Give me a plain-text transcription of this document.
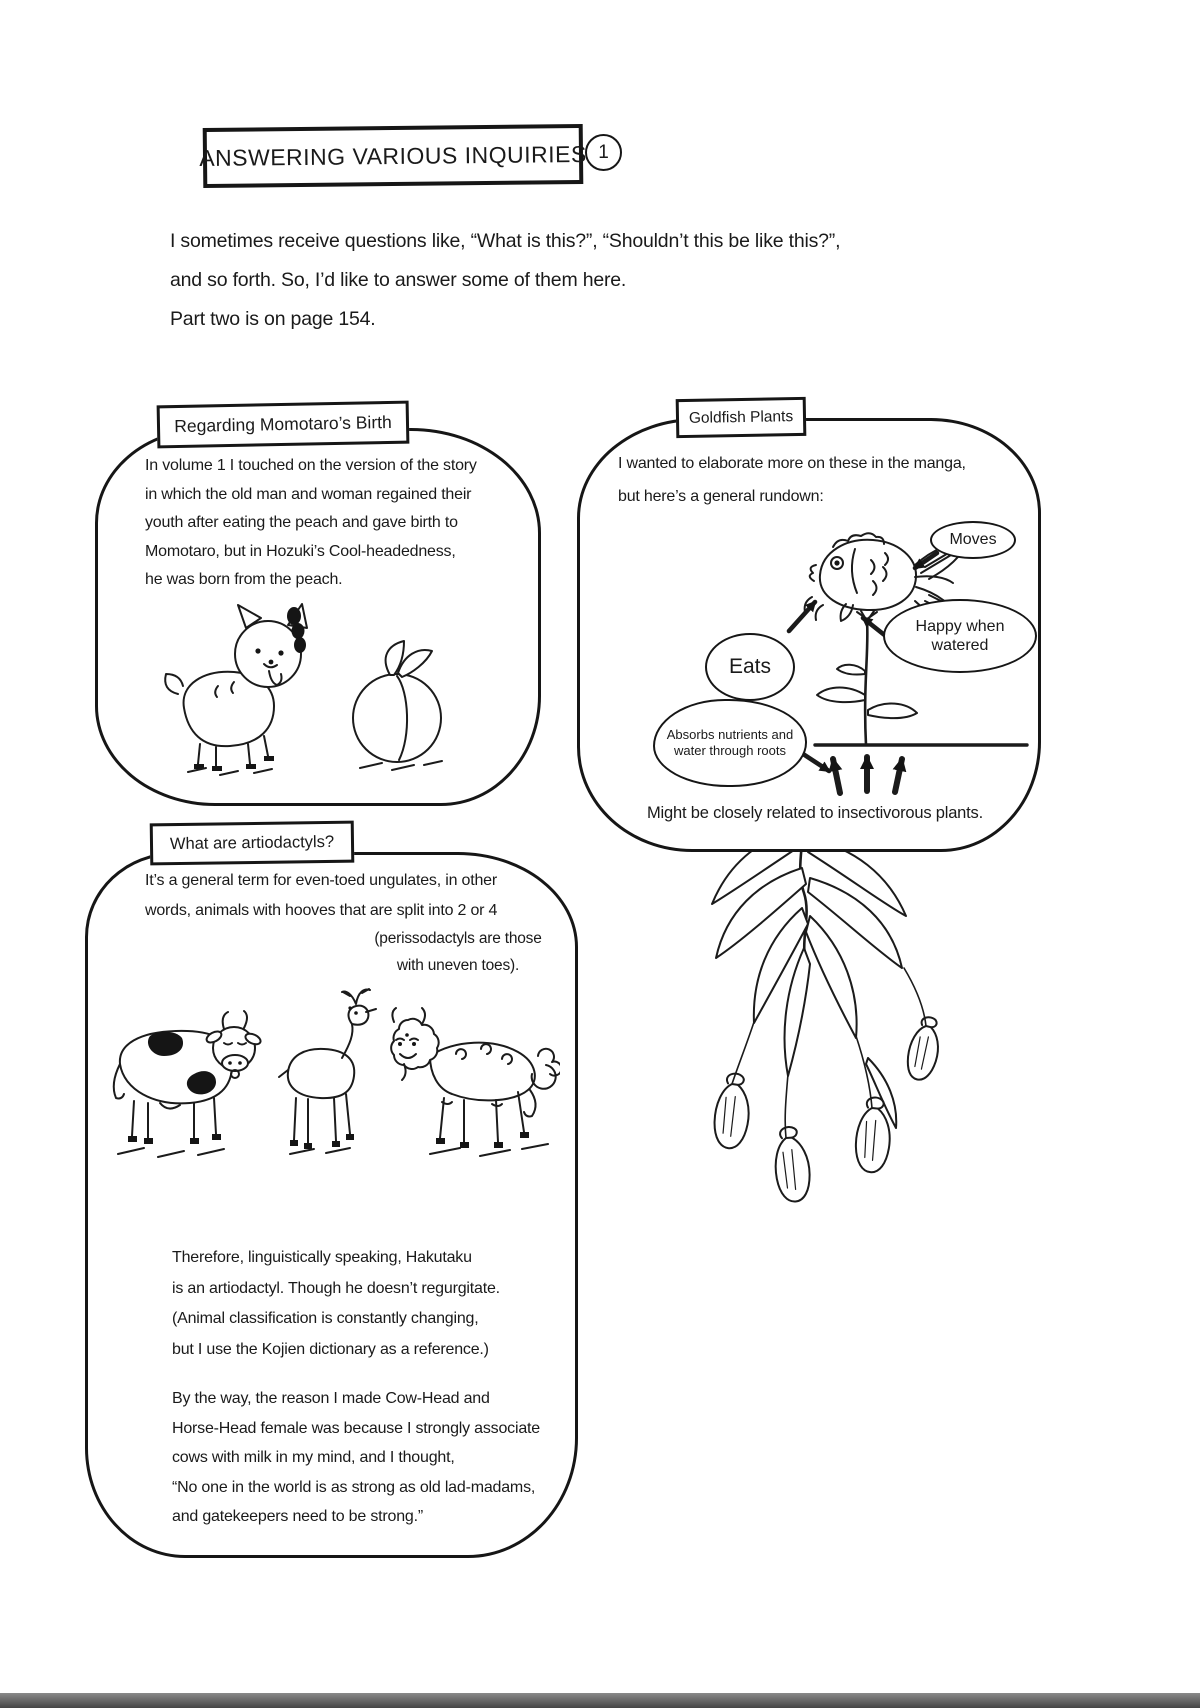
ANSWERING VARIOUS INQUIRIES 1
I sometimes receive questions like, “What is this?”, “Shouldn’t this be like this?”,
and so forth. So, I’d like to answer some of them here.
Part two is on page 154.
Regarding Momotaro’s Birth
In volume 1 I touched on the version of the story
in which the old man and woman regained their
youth after eating the peach and gave birth to
Momotaro, but in Hozuki’s Cool-headedness,
he was born from the peach.
Goldfish Plants
I wanted to elaborate more on these in the manga,
but here’s a general rundown:
Moves
Eats
Happy when watered
Absorbs nutrients and water through roots
Might be closely related to insectivorous plants.
What are artiodactyls?
It’s a general term for even-toed ungulates, in other
words, animals with hooves that are split into 2 or 4
(perissodactyls are those
with uneven toes).
Therefore, linguistically speaking, Hakutaku
is an artiodactyl. Though he doesn’t regurgitate.
(Animal classification is constantly changing,
but I use the Kojien dictionary as a reference.)
By the way, the reason I made Cow-Head and
Horse-Head female was because I strongly associate
cows with milk in my mind, and I thought,
“No one in the world is as strong as old lad-madams,
and gatekeepers need to be strong.”
